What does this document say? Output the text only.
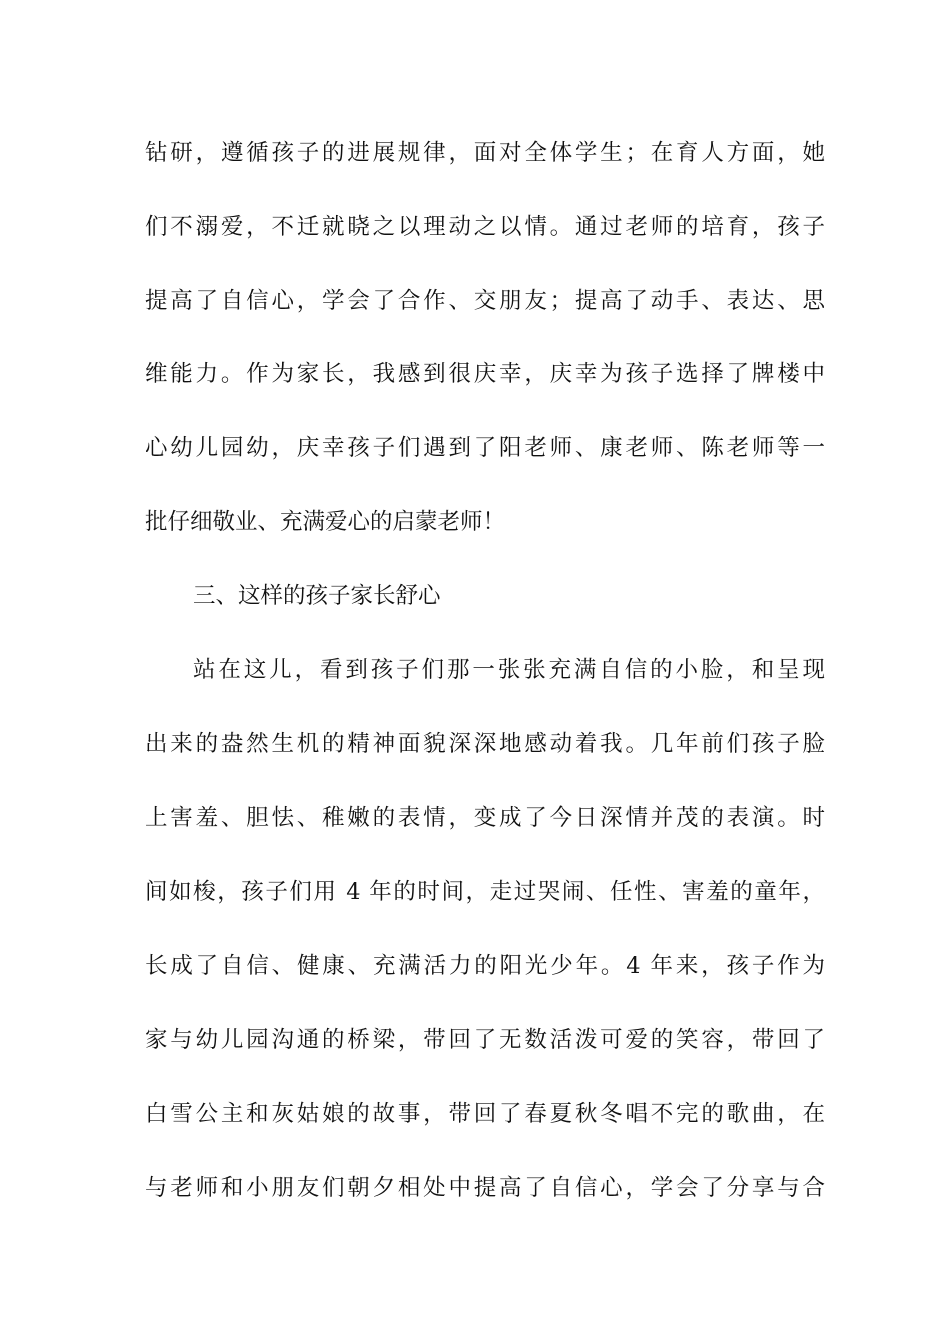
钻研，遵循孩子的进展规律，面对全体学生；在育人方面，她
们不溺爱，不迁就晓之以理动之以情。通过老师的培育，孩子
提高了自信心，学会了合作、交朋友；提高了动手、表达、思
维能力。作为家长，我感到很庆幸，庆幸为孩子选择了牌楼中
心幼儿园幼，庆幸孩子们遇到了阳老师、康老师、陈老师等一
批仔细敬业、充满爱心的启蒙老师！
三、这样的孩子家长舒心
站在这儿，看到孩子们那一张张充满自信的小脸，和呈现
出来的盎然生机的精神面貌深深地感动着我。几年前们孩子脸
上害羞、胆怯、稚嫩的表情，变成了今日深情并茂的表演。时
间如梭，孩子们用 4 年的时间，走过哭闹、任性、害羞的童年，
长成了自信、健康、充满活力的阳光少年。4 年来，孩子作为
家与幼儿园沟通的桥梁，带回了无数活泼可爱的笑容，带回了
白雪公主和灰姑娘的故事，带回了春夏秋冬唱不完的歌曲，在
与老师和小朋友们朝夕相处中提高了自信心，学会了分享与合
